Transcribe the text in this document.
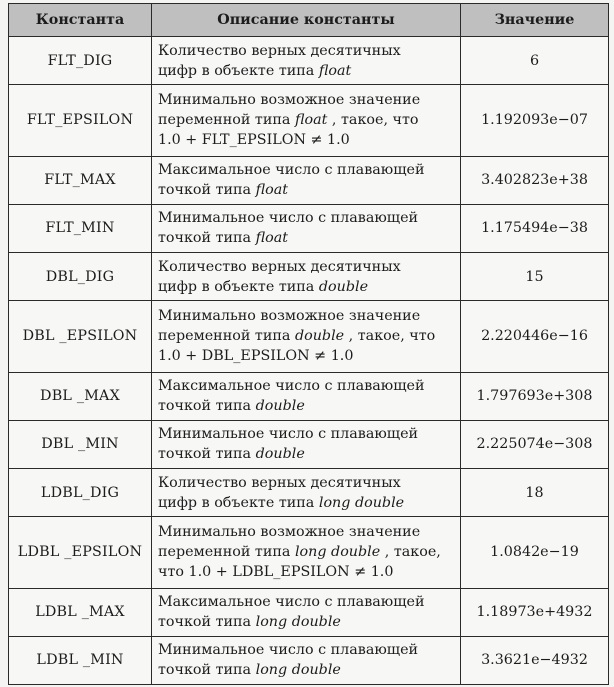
Константа	Описание константы	Значение
FLT_DIG	Количество верных десятичных
цифр в объекте типа float	6
FLT_EPSILON	Минимально возможное значение
переменной типа float , такое, что
1.0 + FLT_EPSILON ≠ 1.0	1.192093e−07
FLT_MAX	Максимальное число с плавающей
точкой типа float	3.402823e+38
FLT_MIN	Минимальное число с плавающей
точкой типа float	1.175494e−38
DBL_DIG	Количество верных десятичных
цифр в объекте типа double	15
DBL _EPSILON	Минимально возможное значение
переменной типа double , такое, что
1.0 + DBL_EPSILON ≠ 1.0	2.220446e−16
DBL _MAX	Максимальное число с плавающей
точкой типа double	1.797693e+308
DBL _MIN	Минимальное число с плавающей
точкой типа double	2.225074e−308
LDBL_DIG	Количество верных десятичных
цифр в объекте типа long double	18
LDBL _EPSILON	Минимально возможное значение
переменной типа long double , такое,
что 1.0 + LDBL_EPSILON ≠ 1.0	1.0842e−19
LDBL _MAX	Максимальное число с плавающей
точкой типа long double	1.18973e+4932
LDBL _MIN	Минимальное число с плавающей
точкой типа long double	3.3621e−4932
